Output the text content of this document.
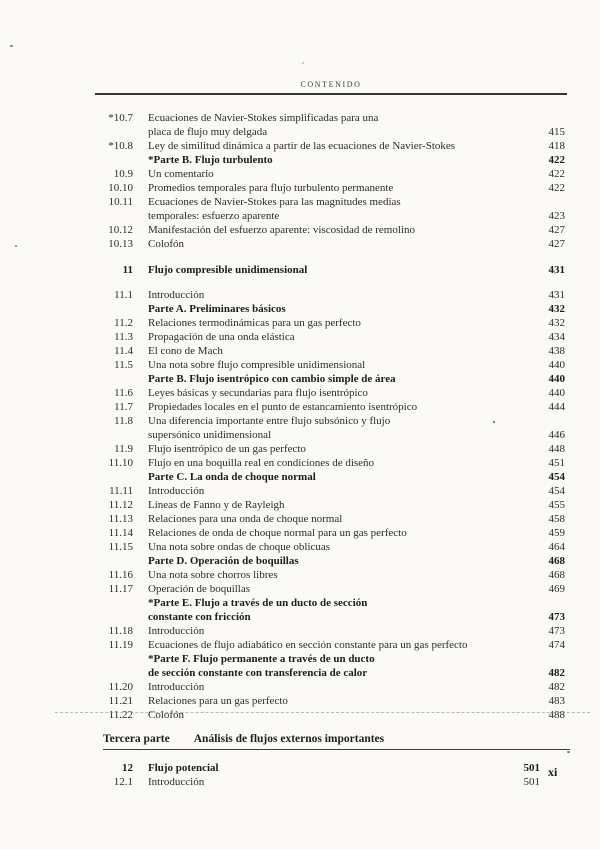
CONTENIDO
*10.7 Ecuaciones de Navier-Stokes simplificadas para una
placa de flujo muy delgada	415
*10.8 Ley de similitud dinámica a partir de las ecuaciones de Navier-Stokes	418
*Parte B. Flujo turbulento	422
10.9 Un comentario	422
10.10 Promedios temporales para flujo turbulento permanente	422
10.11 Ecuaciones de Navier-Stokes para las magnitudes medias
temporales: esfuerzo aparente	423
10.12 Manifestación del esfuerzo aparente: viscosidad de remolino	427
10.13 Colofón	427
11 Flujo compresible unidimensional	431
11.1 Introducción	431
Parte A. Preliminares básicos	432
11.2 Relaciones termodinámicas para un gas perfecto	432
11.3 Propagación de una onda elástica	434
11.4 El cono de Mach	438
11.5 Una nota sobre flujo compresible unidimensional	440
Parte B. Flujo isentrópico con cambio simple de área	440
11.6 Leyes básicas y secundarias para flujo isentrópico	440
11.7 Propiedades locales en el punto de estancamiento isentrópico	444
11.8 Una diferencia importante entre flujo subsónico y flujo
supersónico unidimensional	446
11.9 Flujo isentrópico de un gas perfecto	448
11.10 Flujo en una boquilla real en condiciones de diseño	451
Parte C. La onda de choque normal	454
11.11 Introducción	454
11.12 Líneas de Fanno y de Rayleigh	455
11.13 Relaciones para una onda de choque normal	458
11.14 Relaciones de onda de choque normal para un gas perfecto	459
11.15 Una nota sobre ondas de choque oblicuas	464
Parte D. Operación de boquillas	468
11.16 Una nota sobre chorros libres	468
11.17 Operación de boquillas	469
*Parte E. Flujo a través de un ducto de sección
constante con fricción	473
11.18 Introducción	473
11.19 Ecuaciones de flujo adiabático en sección constante para un gas perfecto	474
*Parte F. Flujo permanente a través de un ducto
de sección constante con transferencia de calor	482
11.20 Introducción	482
11.21 Relaciones para un gas perfecto	483
11.22 Colofón	488
Tercera parte Análisis de flujos externos importantes
12 Flujo potencial	501
12.1 Introducción	501
xi
